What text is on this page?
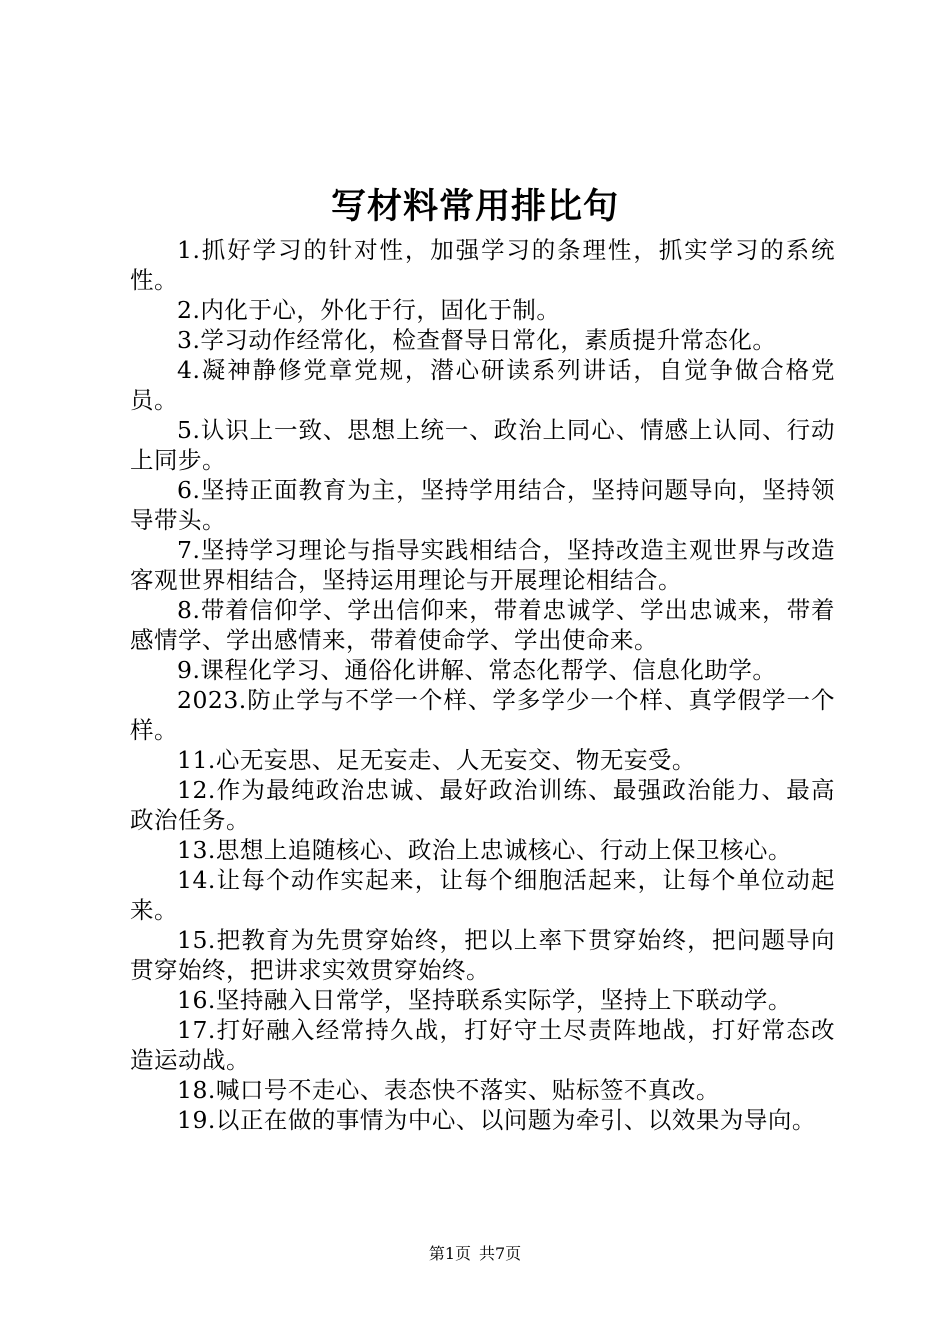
写材料常用排比句

1.抓好学习的针对性，加强学习的条理性，抓实学习的系统性。

2.内化于心，外化于行，固化于制。

3.学习动作经常化，检查督导日常化，素质提升常态化。

4.凝神静修党章党规，潜心研读系列讲话，自觉争做合格党员。

5.认识上一致、思想上统一、政治上同心、情感上认同、行动上同步。

6.坚持正面教育为主，坚持学用结合，坚持问题导向，坚持领导带头。

7.坚持学习理论与指导实践相结合，坚持改造主观世界与改造客观世界相结合，坚持运用理论与开展理论相结合。

8.带着信仰学、学出信仰来，带着忠诚学、学出忠诚来，带着感情学、学出感情来，带着使命学、学出使命来。

9.课程化学习、通俗化讲解、常态化帮学、信息化助学。

2023.防止学与不学一个样、学多学少一个样、真学假学一个样。

11.心无妄思、足无妄走、人无妄交、物无妄受。

12.作为最纯政治忠诚、最好政治训练、最强政治能力、最高政治任务。

13.思想上追随核心、政治上忠诚核心、行动上保卫核心。

14.让每个动作实起来，让每个细胞活起来，让每个单位动起来。

15.把教育为先贯穿始终，把以上率下贯穿始终，把问题导向贯穿始终，把讲求实效贯穿始终。

16.坚持融入日常学，坚持联系实际学，坚持上下联动学。

17.打好融入经常持久战，打好守土尽责阵地战，打好常态改造运动战。

18.喊口号不走心、表态快不落实、贴标签不真改。

19.以正在做的事情为中心、以问题为牵引、以效果为导向。

第1页 共7页
